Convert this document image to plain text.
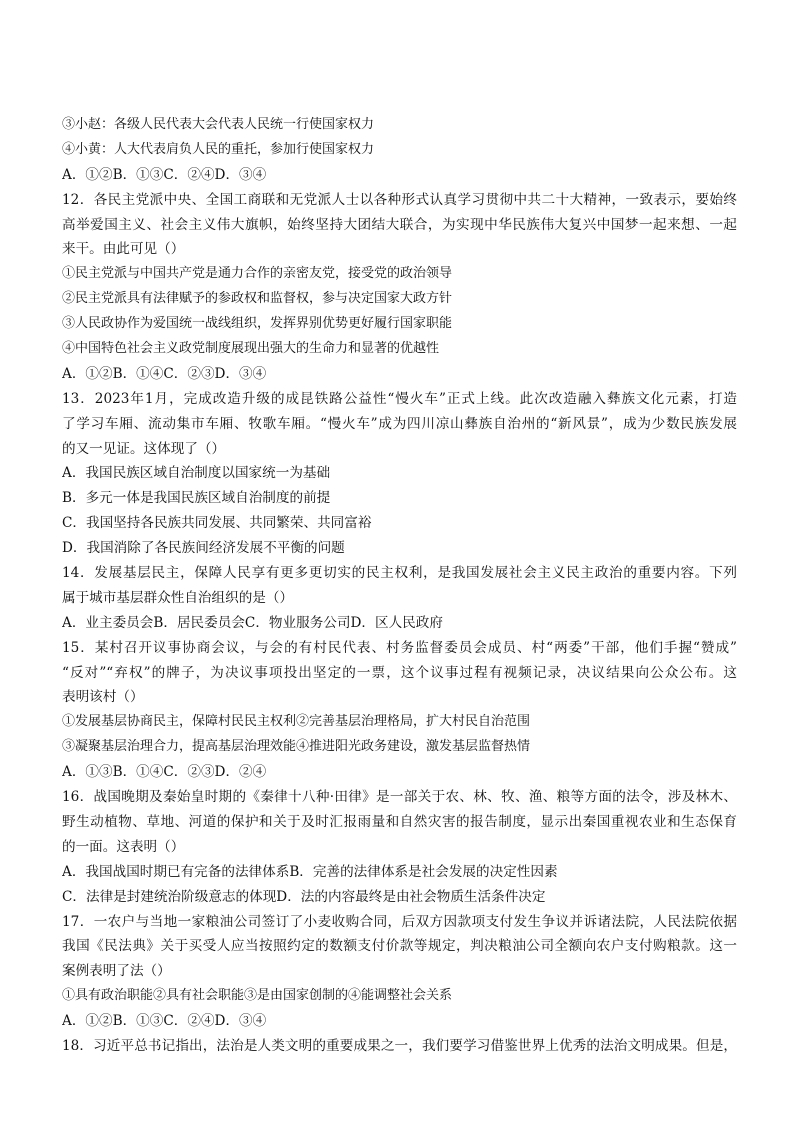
③小赵：各级人民代表大会代表人民统一行使国家权力
④小黄：人大代表肩负人民的重托，参加行使国家权力
A．①②B．①③C．②④D．③④
12．各民主党派中央、全国工商联和无党派人士以各种形式认真学习贯彻中共二十大精神，一致表示，要始终
高举爱国主义、社会主义伟大旗帜，始终坚持大团结大联合，为实现中华民族伟大复兴中国梦一起来想、一起
来干。由此可见（）
①民主党派与中国共产党是通力合作的亲密友党，接受党的政治领导
②民主党派具有法律赋予的参政权和监督权，参与决定国家大政方针
③人民政协作为爱国统一战线组织，发挥界别优势更好履行国家职能
④中国特色社会主义政党制度展现出强大的生命力和显著的优越性
A．①②B．①④C．②③D．③④
13．2023年1月，完成改造升级的成昆铁路公益性“慢火车”正式上线。此次改造融入彝族文化元素，打造
了学习车厢、流动集市车厢、牧歌车厢。“慢火车”成为四川凉山彝族自治州的“新风景”，成为少数民族发展
的又一见证。这体现了（）
A．我国民族区域自治制度以国家统一为基础
B．多元一体是我国民族区域自治制度的前提
C．我国坚持各民族共同发展、共同繁荣、共同富裕
D．我国消除了各民族间经济发展不平衡的问题
14．发展基层民主，保障人民享有更多更切实的民主权利，是我国发展社会主义民主政治的重要内容。下列
属于城市基层群众性自治组织的是（）
A．业主委员会B．居民委员会C．物业服务公司D．区人民政府
15．某村召开议事协商会议，与会的有村民代表、村务监督委员会成员、村“两委”干部，他们手握“赞成”
“反对”“弃权”的牌子，为决议事项投出坚定的一票，这个议事过程有视频记录，决议结果向公众公布。这
表明该村（）
①发展基层协商民主，保障村民民主权利②完善基层治理格局，扩大村民自治范围
③凝聚基层治理合力，提高基层治理效能④推进阳光政务建设，激发基层监督热情
A．①③B．①④C．②③D．②④
16．战国晚期及秦始皇时期的《秦律十八种·田律》是一部关于农、林、牧、渔、粮等方面的法令，涉及林木、
野生动植物、草地、河道的保护和关于及时汇报雨量和自然灾害的报告制度，显示出秦国重视农业和生态保育
的一面。这表明（）
A．我国战国时期已有完备的法律体系B．完善的法律体系是社会发展的决定性因素
C．法律是封建统治阶级意志的体现D．法的内容最终是由社会物质生活条件决定
17．一农户与当地一家粮油公司签订了小麦收购合同，后双方因款项支付发生争议并诉诸法院，人民法院依据
我国《民法典》关于买受人应当按照约定的数额支付价款等规定，判决粮油公司全额向农户支付购粮款。这一
案例表明了法（）
①具有政治职能②具有社会职能③是由国家创制的④能调整社会关系
A．①②B．①③C．②④D．③④
18．习近平总书记指出，法治是人类文明的重要成果之一，我们要学习借鉴世界上优秀的法治文明成果。但是，
